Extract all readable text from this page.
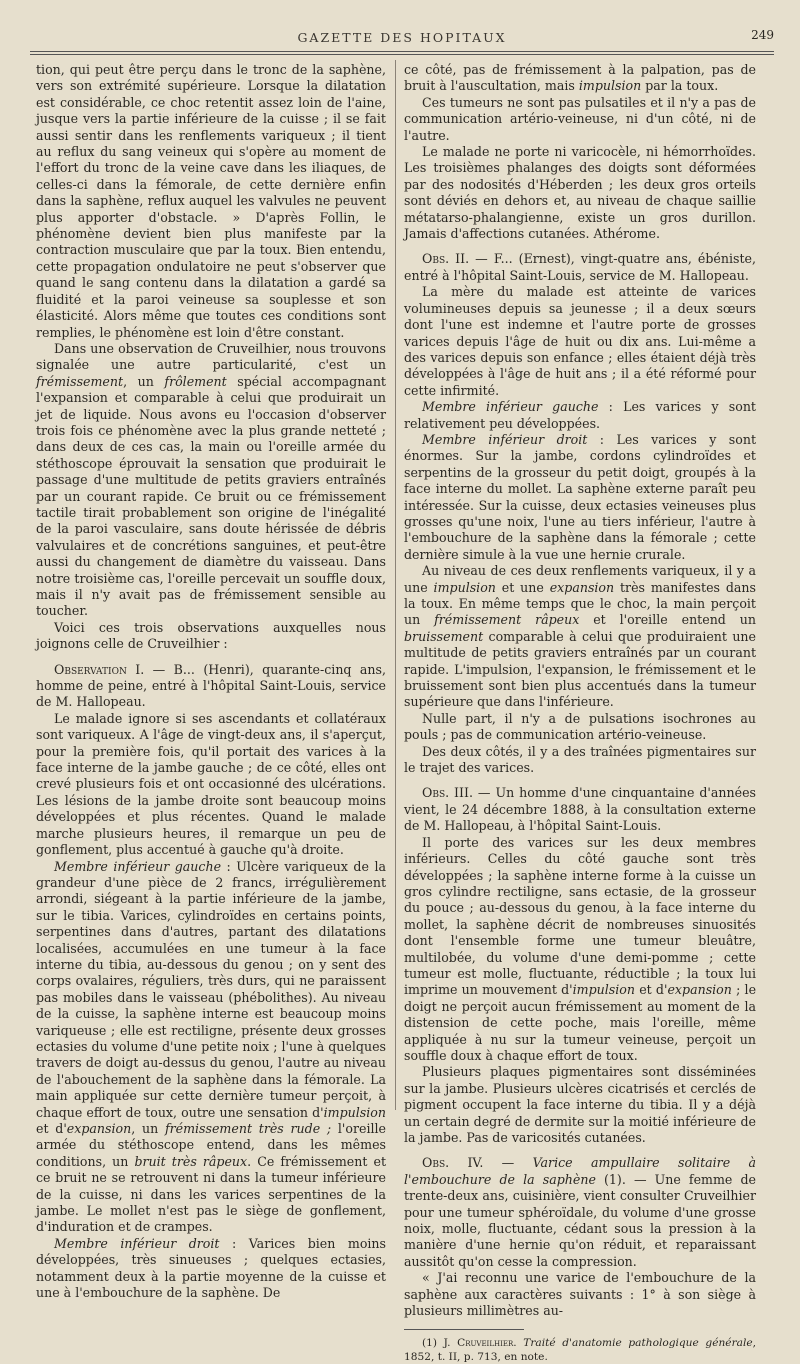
GAZETTE DES HOPITAUX	249

tion, qui peut être perçu dans le tronc de la saphène, vers son extrémité supérieure. Lorsque la dilatation est considérable, ce choc retentit assez loin de l'aine, jusque vers la partie inférieure de la cuisse ; il se fait aussi sentir dans les renflements variqueux ; il tient au reflux du sang veineux qui s'opère au moment de l'effort du tronc de la veine cave dans les iliaques, de celles-ci dans la fémorale, de cette dernière enfin dans la saphène, reflux auquel les valvules ne peuvent plus apporter d'obstacle. » D'après Follin, le phénomène devient bien plus manifeste par la contraction musculaire que par la toux. Bien entendu, cette propagation ondulatoire ne peut s'observer que quand le sang contenu dans la dilatation a gardé sa fluidité et la paroi veineuse sa souplesse et son élasticité. Alors même que toutes ces conditions sont remplies, le phénomène est loin d'être constant.

Dans une observation de Cruveilhier, nous trouvons signalée une autre particularité, c'est un frémissement, un frôlement spécial accompagnant l'expansion et comparable à celui que produirait un jet de liquide. Nous avons eu l'occasion d'observer trois fois ce phénomène avec la plus grande netteté ; dans deux de ces cas, la main ou l'oreille armée du stéthoscope éprouvait la sensation que produirait le passage d'une multitude de petits graviers entraînés par un courant rapide. Ce bruit ou ce frémissement tactile tirait probablement son origine de l'inégalité de la paroi vasculaire, sans doute hérissée de débris valvulaires et de concrétions sanguines, et peut-être aussi du changement de diamètre du vaisseau. Dans notre troisième cas, l'oreille percevait un souffle doux, mais il n'y avait pas de frémissement sensible au toucher.

Voici ces trois observations auxquelles nous joignons celle de Cruveilhier :

Observation I. — B... (Henri), quarante-cinq ans, homme de peine, entré à l'hôpital Saint-Louis, service de M. Hallopeau.

Le malade ignore si ses ascendants et collatéraux sont variqueux. A l'âge de vingt-deux ans, il s'aperçut, pour la première fois, qu'il portait des varices à la face interne de la jambe gauche ; de ce côté, elles ont crevé plusieurs fois et ont occasionné des ulcérations. Les lésions de la jambe droite sont beaucoup moins développées et plus récentes. Quand le malade marche plusieurs heures, il remarque un peu de gonflement, plus accentué à gauche qu'à droite.

Membre inférieur gauche : Ulcère variqueux de la grandeur d'une pièce de 2 francs, irrégulièrement arrondi, siégeant à la partie inférieure de la jambe, sur le tibia. Varices, cylindroïdes en certains points, serpentines dans d'autres, partant des dilatations localisées, accumulées en une tumeur à la face interne du tibia, au-dessous du genou ; on y sent des corps ovalaires, réguliers, très durs, qui ne paraissent pas mobiles dans le vaisseau (phébolithes). Au niveau de la cuisse, la saphène interne est beaucoup moins variqueuse ; elle est rectiligne, présente deux grosses ectasies du volume d'une petite noix ; l'une à quelques travers de doigt au-dessus du genou, l'autre au niveau de l'abouchement de la saphène dans la fémorale. La main appliquée sur cette dernière tumeur perçoit, à chaque effort de toux, outre une sensation d'impulsion et d'expansion, un frémissement très rude ; l'oreille armée du stéthoscope entend, dans les mêmes conditions, un bruit très râpeux. Ce frémissement et ce bruit ne se retrouvent ni dans la tumeur inférieure de la cuisse, ni dans les varices serpentines de la jambe. Le mollet n'est pas le siège de gonflement, d'induration et de crampes.

Membre inférieur droit : Varices bien moins développées, très sinueuses ; quelques ectasies, notamment deux à la partie moyenne de la cuisse et une à l'embouchure de la saphène. De

ce côté, pas de frémissement à la palpation, pas de bruit à l'auscultation, mais impulsion par la toux.

Ces tumeurs ne sont pas pulsatiles et il n'y a pas de communication artério-veineuse, ni d'un côté, ni de l'autre.

Le malade ne porte ni varicocèle, ni hémorrhoïdes. Les troisièmes phalanges des doigts sont déformées par des nodosités d'Héberden ; les deux gros orteils sont déviés en dehors et, au niveau de chaque saillie métatarso-phalangienne, existe un gros durillon. Jamais d'affections cutanées. Athérome.

Obs. II. — F... (Ernest), vingt-quatre ans, ébéniste, entré à l'hôpital Saint-Louis, service de M. Hallopeau.

La mère du malade est atteinte de varices volumineuses depuis sa jeunesse ; il a deux sœurs dont l'une est indemne et l'autre porte de grosses varices depuis l'âge de huit ou dix ans. Lui-même a des varices depuis son enfance ; elles étaient déjà très développées à l'âge de huit ans ; il a été réformé pour cette infirmité.

Membre inférieur gauche : Les varices y sont relativement peu développées.

Membre inférieur droit : Les varices y sont énormes. Sur la jambe, cordons cylindroïdes et serpentins de la grosseur du petit doigt, groupés à la face interne du mollet. La saphène externe paraît peu intéressée. Sur la cuisse, deux ectasies veineuses plus grosses qu'une noix, l'une au tiers inférieur, l'autre à l'embouchure de la saphène dans la fémorale ; cette dernière simule à la vue une hernie crurale.

Au niveau de ces deux renflements variqueux, il y a une impulsion et une expansion très manifestes dans la toux. En même temps que le choc, la main perçoit un frémissement râpeux et l'oreille entend un bruissement comparable à celui que produiraient une multitude de petits graviers entraînés par un courant rapide. L'impulsion, l'expansion, le frémissement et le bruissement sont bien plus accentués dans la tumeur supérieure que dans l'inférieure.

Nulle part, il n'y a de pulsations isochrones au pouls ; pas de communication artério-veineuse.

Des deux côtés, il y a des traînées pigmentaires sur le trajet des varices.

Obs. III. — Un homme d'une cinquantaine d'années vient, le 24 décembre 1888, à la consultation externe de M. Hallopeau, à l'hôpital Saint-Louis.

Il porte des varices sur les deux membres inférieurs. Celles du côté gauche sont très développées ; la saphène interne forme à la cuisse un gros cylindre rectiligne, sans ectasie, de la grosseur du pouce ; au-dessous du genou, à la face interne du mollet, la saphène décrit de nombreuses sinuosités dont l'ensemble forme une tumeur bleuâtre, multilobée, du volume d'une demi-pomme ; cette tumeur est molle, fluctuante, réductible ; la toux lui imprime un mouvement d'impulsion et d'expansion ; le doigt ne perçoit aucun frémissement au moment de la distension de cette poche, mais l'oreille, même appliquée à nu sur la tumeur veineuse, perçoit un souffle doux à chaque effort de toux.

Plusieurs plaques pigmentaires sont disséminées sur la jambe. Plusieurs ulcères cicatrisés et cerclés de pigment occupent la face interne du tibia. Il y a déjà un certain degré de dermite sur la moitié inférieure de la jambe. Pas de varicosités cutanées.

Obs. IV. — Varice ampullaire solitaire à l'embouchure de la saphène (1). — Une femme de trente-deux ans, cuisinière, vient consulter Cruveilhier pour une tumeur sphéroïdale, du volume d'une grosse noix, molle, fluctuante, cédant sous la pression à la manière d'une hernie qu'on réduit, et reparaissant aussitôt qu'on cesse la compression.

« J'ai reconnu une varice de l'embouchure de la saphène aux caractères suivants : 1° à son siège à plusieurs millimètres au-

(1) J. Cruveilhier. Traité d'anatomie pathologique générale, 1852, t. II, p. 713, en note.
